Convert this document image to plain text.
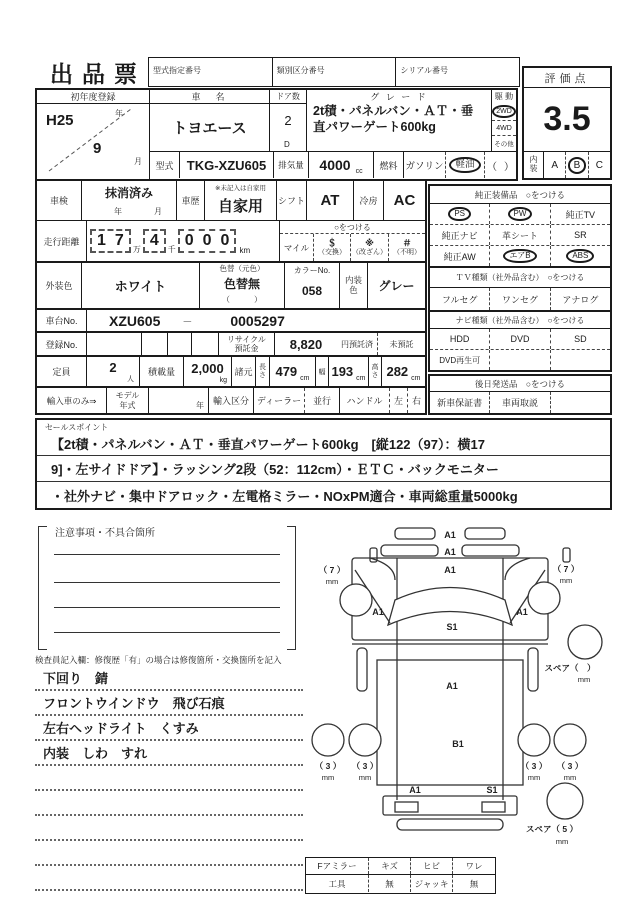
出品票 型式指定番号	類別区分番号	シリアル番号
評価点
3.5
内装	A	B	C
初年度登録
H25	年
9
月
車　名
トヨエース
ドア数
2
D
グ レ ー ド
2t積・パネルバン・ＡＴ・垂直パワーゲート600kg
駆 動
2WD
4WD
その他
型式	TKG-XZU605	排気量	4000 cc
燃料 ガソリン	軽油	（ ）
車検
抹消済み
年	月
車歴
※未記入は自家用
自家用	シフト	AT	冷房	AC
走行距離	1 7
万
4
千
0 0 0
km
○をつける
マイル	＄
（交換）
※
（改ざん）
＃
（不明）
外装色	ホワイト
色替（元色）
色替無
（　　　）
カラーNo.
058
内装色	グレー
車台No.	XZU605 －	0005297
登録No.
リサイクル
預託金	8,820	円預託済	未預託
定員	2
人
積載量	2,000
kg
諸元 長さ 479 cm
幅 193 cm
高さ 282 cm
輸入車のみ⇒	モデル年式	年 輸入区分 ディーラー	並行	ハンドル	左 右
純正装備品　○をつける
PS	PW	純正TV
純正ナビ	革シート	SR
純正AW	エアB	ABS
ＴＶ種類（社外品含む）　○をつける
フルセグ	ワンセグ	アナログ
ナビ種類（社外品含む）　○をつける
HDD	DVD	SD
DVD再生可
後日発送品　○をつける
新車保証書	車両取説
セールスポイント
【2t積・パネルバン・ＡＴ・垂直パワーゲート600kg　[縦122（97）：横17
9]・左サイドドア】・ラッシング2段（52：112cm）・ＥＴＣ・バックモニター
・社外ナビ・集中ドアロック・左電格ミラー・NOxPM適合・車両総重量5000kg
注意事項・不具合箇所
検査員記入欄：修復歴「有」の場合は修復箇所・交換箇所を記入
下回り　錆
フロントウインドウ　飛び石痕
左右ヘッドライト　くすみ
内装　しわ　すれ
A1
A1
A1
S1
A1	A1
（ 7 ）
mm
（ 7 ）
mm
スペア（　）
mm
A1
B1
（ 3 ）
mm
（ 3 ）
mm
（ 3 ）
mm
（ 3 ）
mm
A1	S1
スペア（ 5 ）
mm
Fアミラー	キズ	ヒビ	ワレ
工具	無	ジャッキ	無
